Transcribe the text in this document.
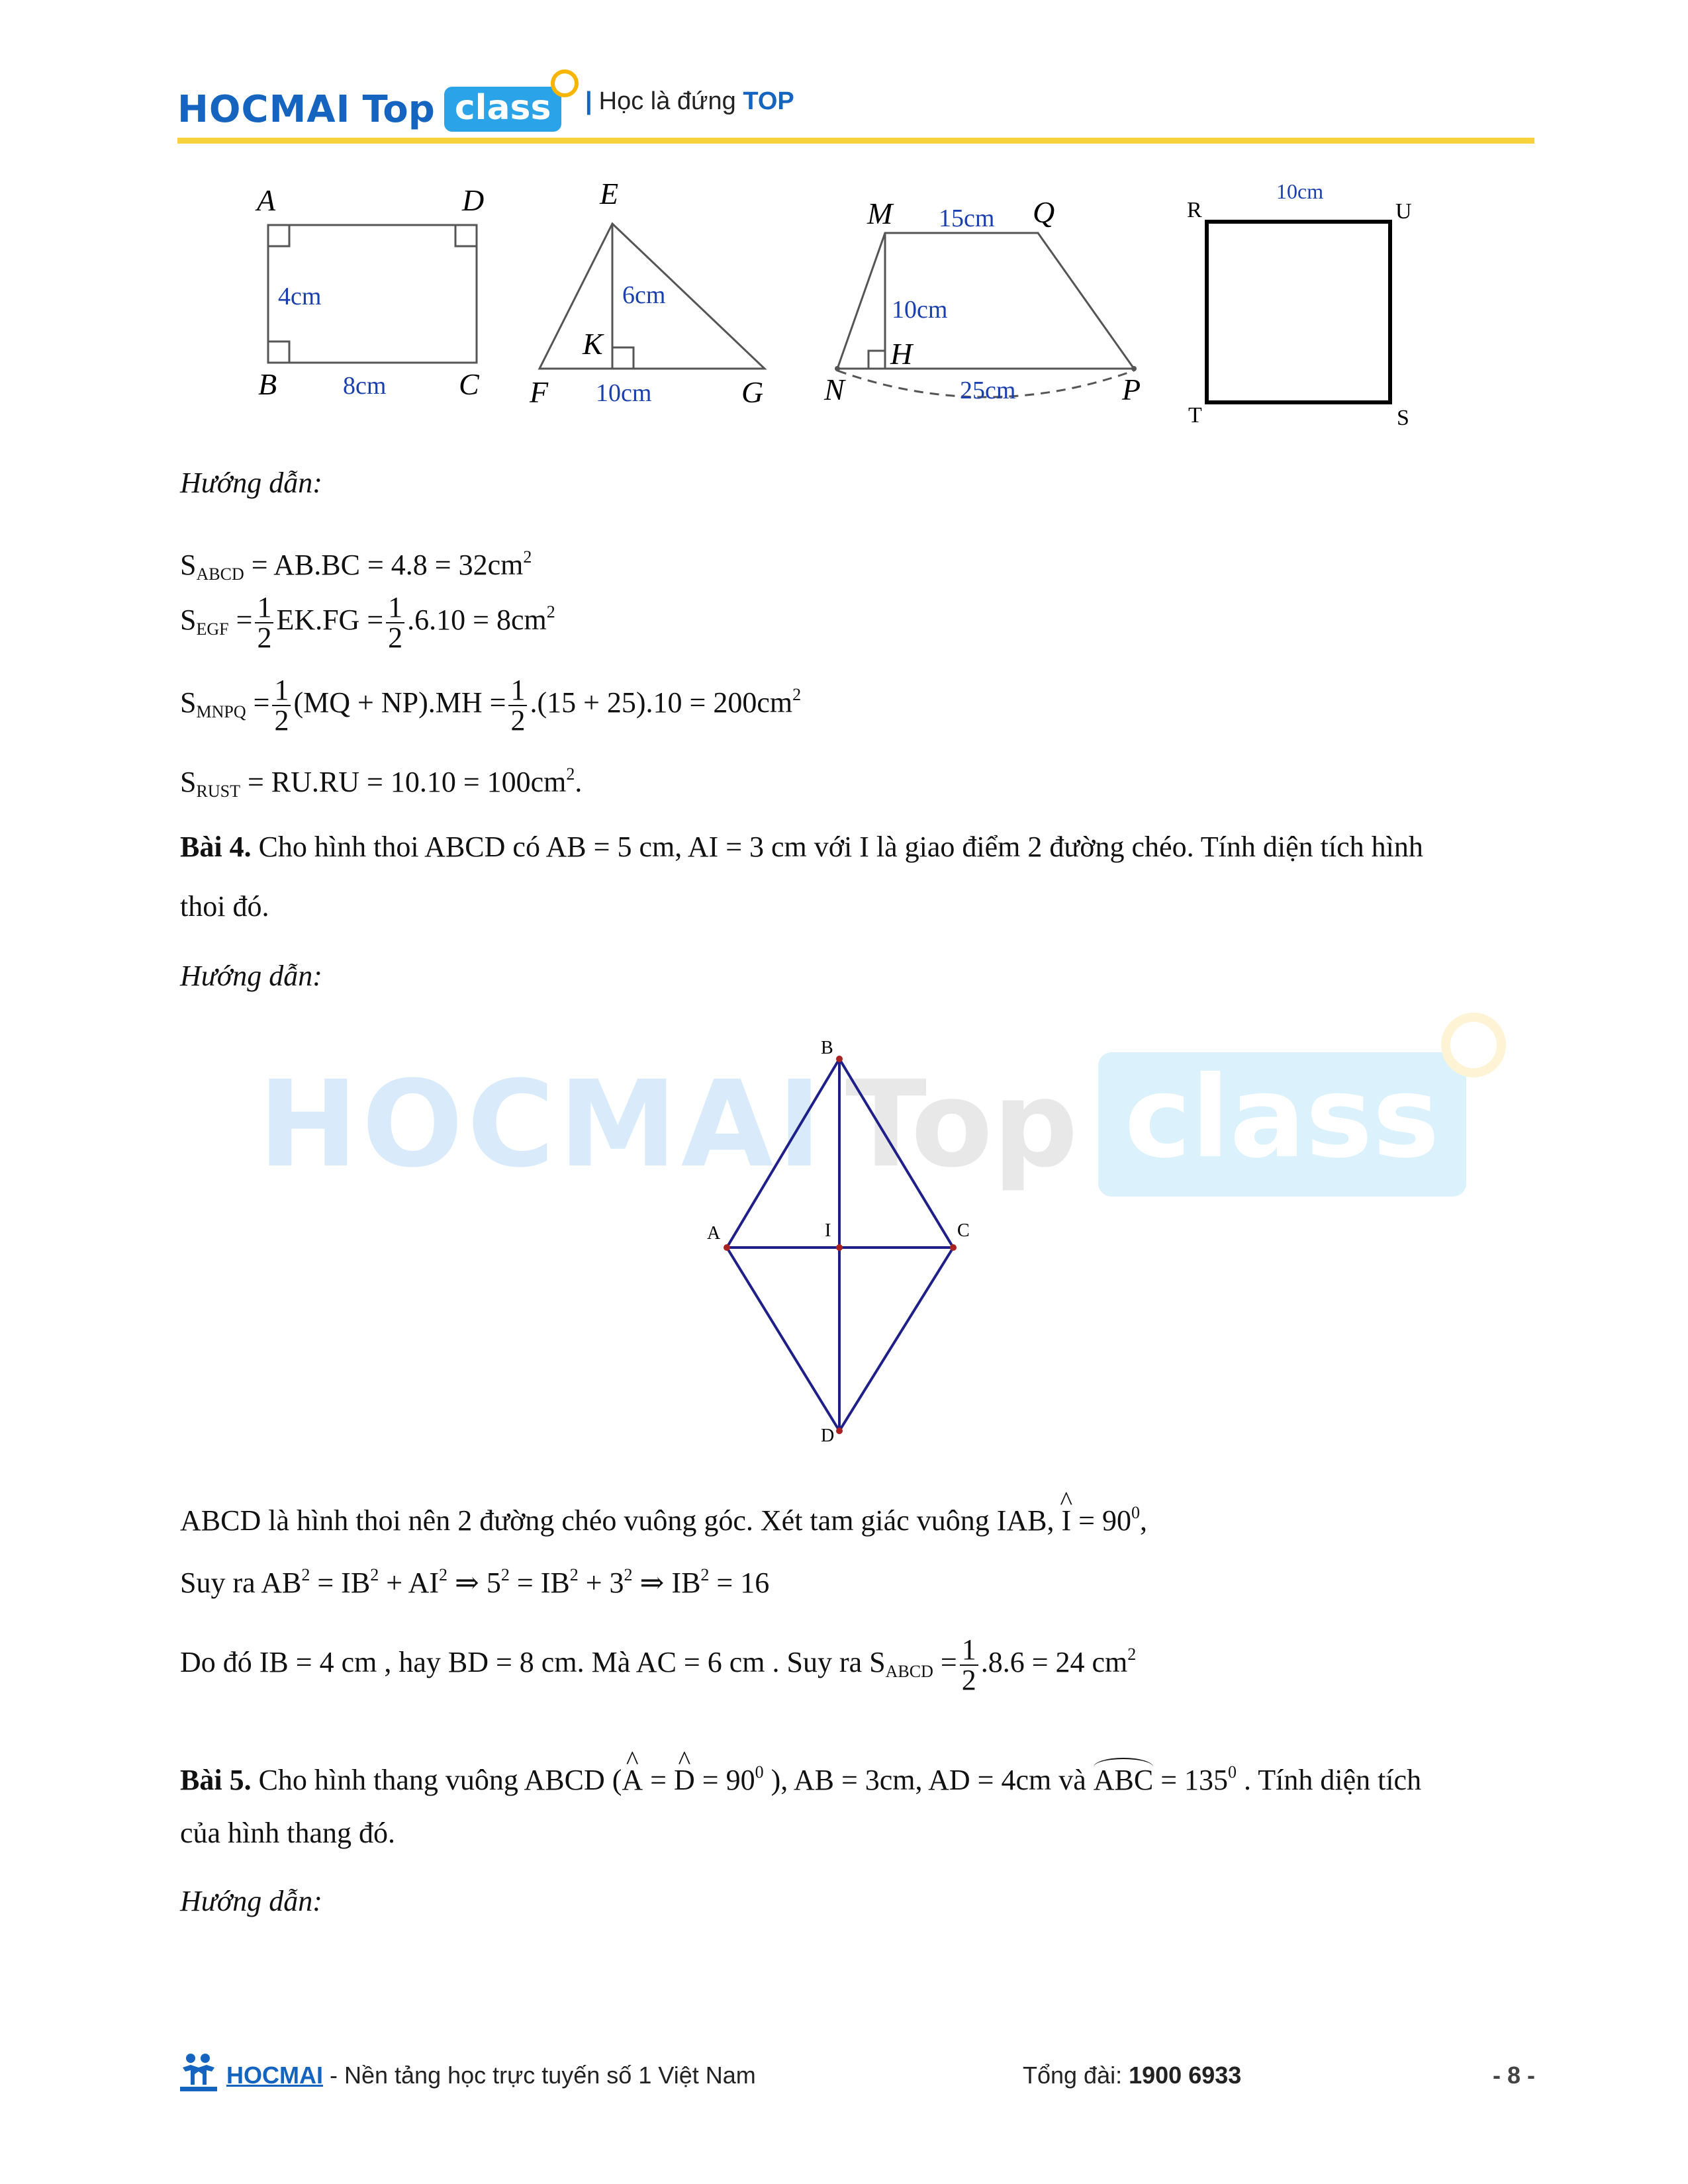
HOCMAI Top class	| Học là đứng TOP
A	D
B	C
4cm
8cm
E
K
F	G
6cm
10cm
M	Q
H
N	P
15cm
10cm
25cm
R	U
T	S
10cm
Hướng dẫn:
$S_{ABCD} = AB.BC = 4.8 = 32cm^2$
$S_{EGF} = \frac{1}{2} EK.FG = \frac{1}{2} .6.10 = 8cm^2$
$S_{MNPQ} = \frac{1}{2} (MQ + NP).MH = \frac{1}{2} .(15 + 25).10 = 200cm^2$
$S_{RUST} = RU.RU = 10.10 = 100cm^2$.
Bài 4. Cho hình thoi ABCD có AB = 5 cm, AI = 3 cm với I là giao điểm 2 đường chéo. Tính diện tích hình
thoi đó.
Hướng dẫn:
HOCMAI Top class
B
A	I	C
D
ABCD là hình thoi nên 2 đường chéo vuông góc. Xét tam giác vuông IAB, ^ $I = 90^0$,
Suy ra $AB^2 = IB^2 + AI^2$ ⇒ $5^2 = IB^2 + 3^2$ ⇒ $IB^2 = 16$
Do đó IB = 4 cm , hay BD = 8 cm. Mà AC = 6 cm . Suy ra $S_{ABCD} = \frac{1}{2} .8.6 = 24$ $cm^2$
Bài 5. Cho hình thang vuông ABCD (^ A = ^ $D = 90^0$ ), AB = 3cm, AD = 4cm và ABC = $135^0$ . Tính diện tích
của hình thang đó.
Hướng dẫn:
HOCMAI - Nền tảng học trực tuyến số 1 Việt Nam	Tổng đài: 1900 6933	- 8 -
